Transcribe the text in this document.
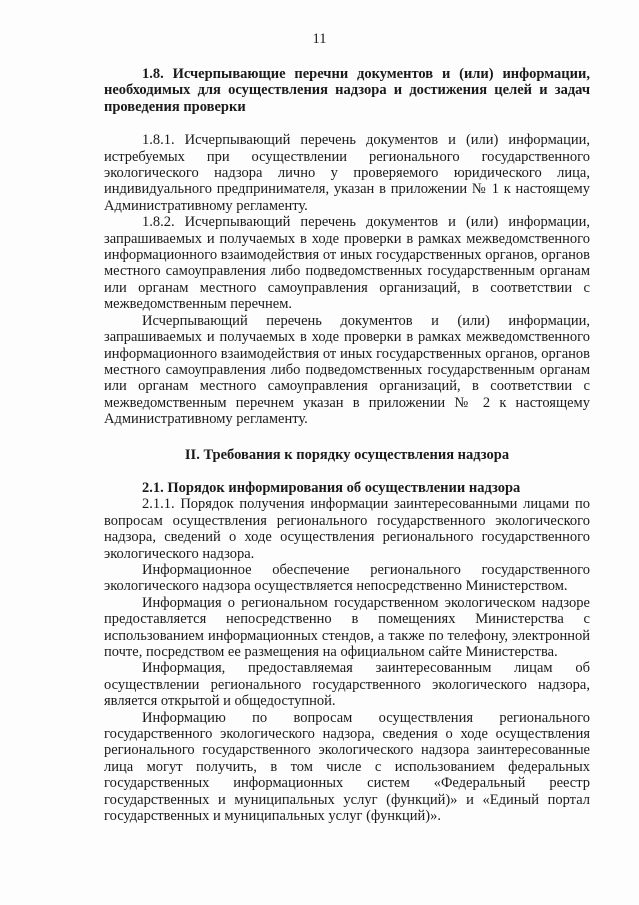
11

1.8. Исчерпывающие перечни документов и (или) информации, необходимых для осуществления надзора и достижения целей и задач проведения проверки

1.8.1. Исчерпывающий перечень документов и (или) информации, истребуемых при осуществлении регионального государственного экологического надзора лично у проверяемого юридического лица, индивидуального предпринимателя, указан в приложении № 1 к настоящему Административному регламенту.

1.8.2. Исчерпывающий перечень документов и (или) информации, запрашиваемых и получаемых в ходе проверки в рамках межведомственного информационного взаимодействия от иных государственных органов, органов местного самоуправления либо подведомственных государственным органам или органам местного самоуправления организаций, в соответствии с межведомственным перечнем.

Исчерпывающий перечень документов и (или) информации, запрашиваемых и получаемых в ходе проверки в рамках межведомственного информационного взаимодействия от иных государственных органов, органов местного самоуправления либо подведомственных государственным органам или органам местного самоуправления организаций, в соответствии с межведомственным перечнем указан в приложении № 2 к настоящему Административному регламенту.

II. Требования к порядку осуществления надзора

2.1. Порядок информирования об осуществлении надзора

2.1.1. Порядок получения информации заинтересованными лицами по вопросам осуществления регионального государственного экологического надзора, сведений о ходе осуществления регионального государственного экологического надзора.

Информационное обеспечение регионального государственного экологического надзора осуществляется непосредственно Министерством.

Информация о региональном государственном экологическом надзоре предоставляется непосредственно в помещениях Министерства с использованием информационных стендов, а также по телефону, электронной почте, посредством ее размещения на официальном сайте Министерства.

Информация, предоставляемая заинтересованным лицам об осуществлении регионального государственного экологического надзора, является открытой и общедоступной.

Информацию по вопросам осуществления регионального государственного экологического надзора, сведения о ходе осуществления регионального государственного экологического надзора заинтересованные лица могут получить, в том числе с использованием федеральных государственных информационных систем «Федеральный реестр государственных и муниципальных услуг (функций)» и «Единый портал государственных и муниципальных услуг (функций)».
